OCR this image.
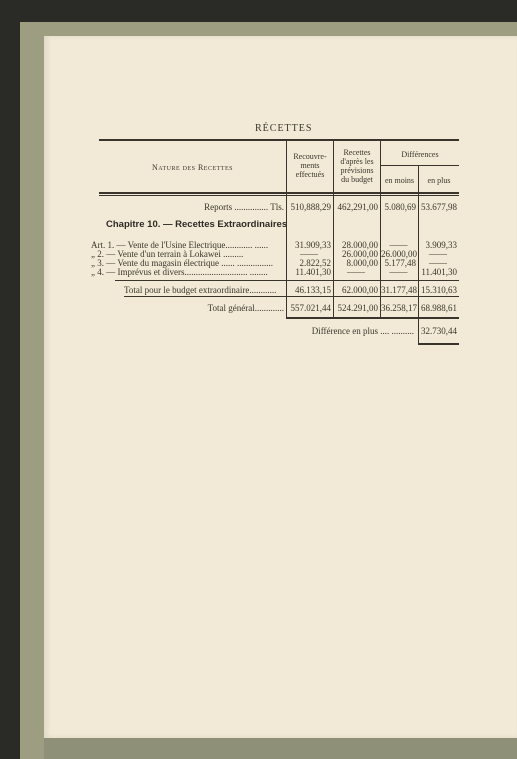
RÉCETTES
Nature des Recettes
Recouvre-
ments
effectués
Recettes
d'après les
prévisions
du budget
Différences
en moins	en plus
Reports ............... Tls. 510,888,29 462,291,00 5.080,69 53.677,98
Chapitre 10. — Recettes Extraordinaires
Art. 1. — Vente de l'Usine Electrique............ ......	31.909,33	28.000,00	——	3.909,33
„ 2. — Vente d'un terrain à Lokawei .........	——	26.000,00 26.000,00	——
„ 3. — Vente du magasin électrique ...... ................	2.822,52	8.000,00 5.177,48	——
„ 4. — Imprévus et divers............................ ........	11.401,30	——	——	11.401,30
Total pour le budget extraordinaire............	46.133,15	62.000,00 31.177,48 15.310,63
Total général............. 557.021,44 524.291,00 36.258,17 68.988,61
Différence en plus .... .......... 32.730,44
